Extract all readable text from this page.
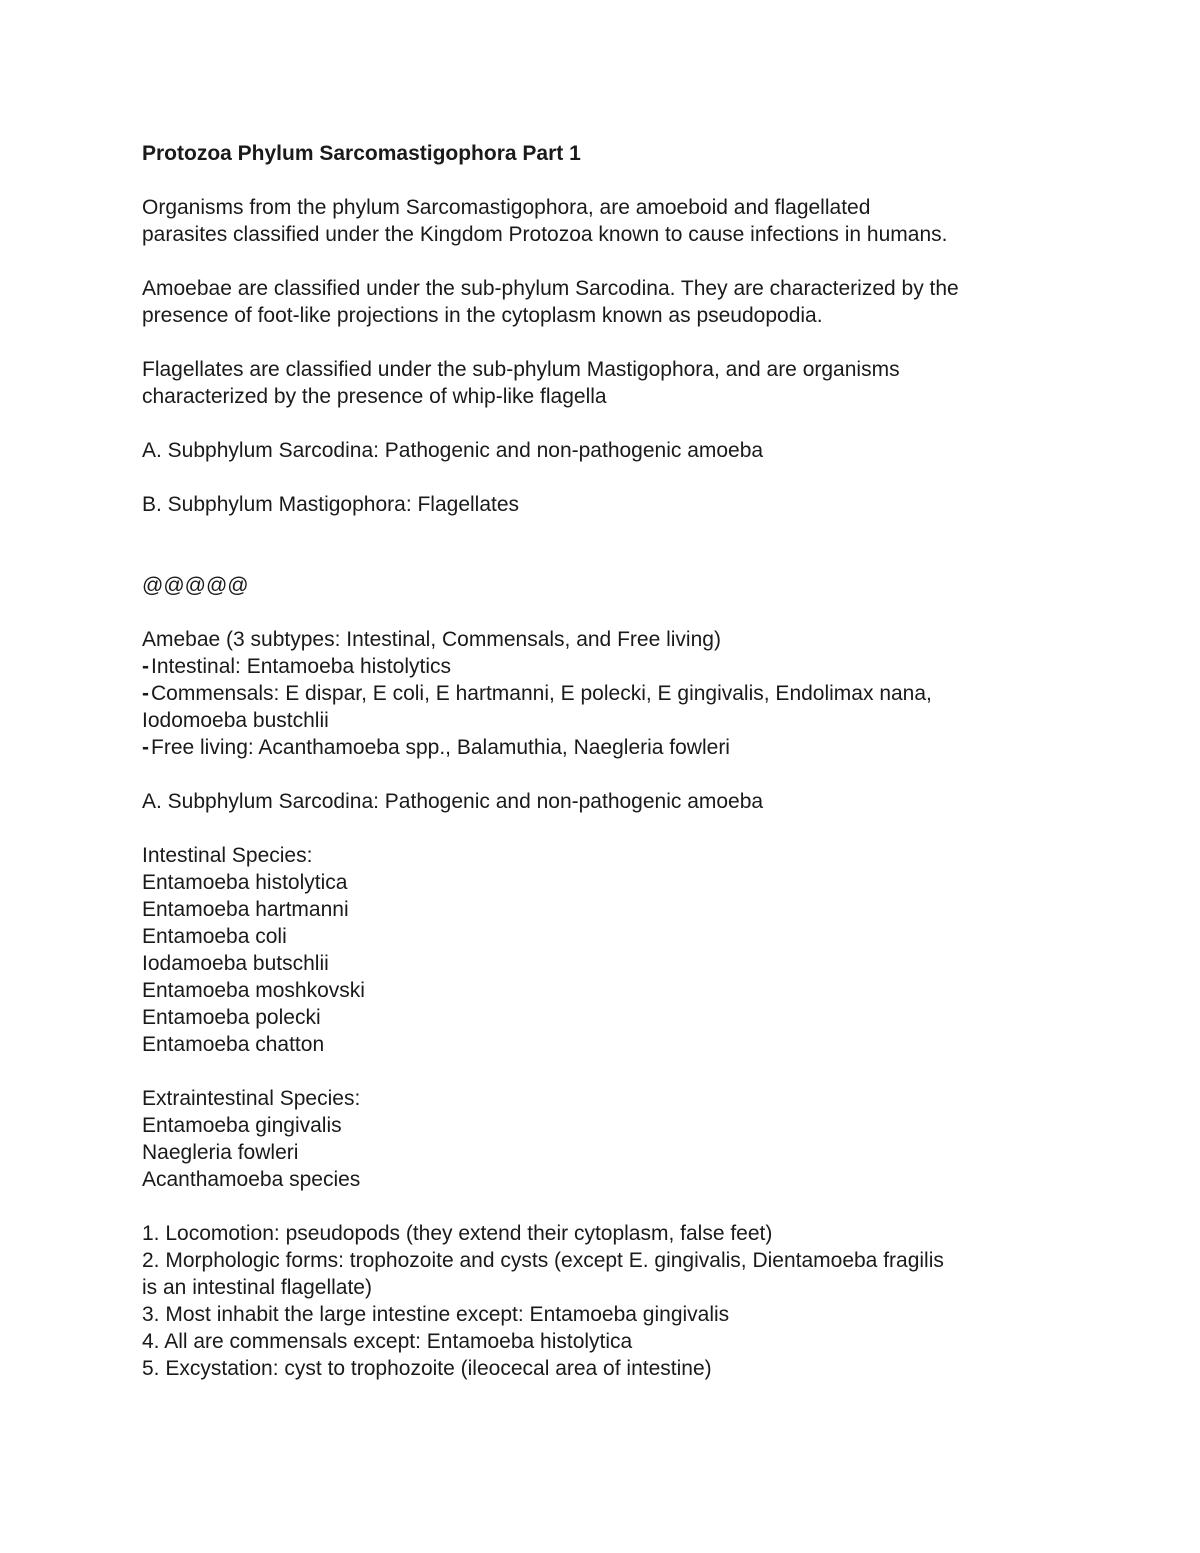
Protozoa Phylum Sarcomastigophora Part 1

Organisms from the phylum Sarcomastigophora, are amoeboid and flagellated

parasites classified under the Kingdom Protozoa known to cause infections in humans.

Amoebae are classified under the sub-phylum Sarcodina. They are characterized by the

presence of foot-like projections in the cytoplasm known as pseudopodia.

Flagellates are classified under the sub-phylum Mastigophora, and are organisms

characterized by the presence of whip-like flagella

A. Subphylum Sarcodina: Pathogenic and non-pathogenic amoeba

B. Subphylum Mastigophora: Flagellates

@@@@@

Amebae (3 subtypes: Intestinal, Commensals, and Free living)

-Intestinal: Entamoeba histolytics

-Commensals: E dispar, E coli, E hartmanni, E polecki, E gingivalis, Endolimax nana,

Iodomoeba bustchlii

-Free living: Acanthamoeba spp., Balamuthia, Naegleria fowleri

A. Subphylum Sarcodina: Pathogenic and non-pathogenic amoeba

Intestinal Species:

Entamoeba histolytica

Entamoeba hartmanni

Entamoeba coli

Iodamoeba butschlii

Entamoeba moshkovski

Entamoeba polecki

Entamoeba chatton

Extraintestinal Species:

Entamoeba gingivalis

Naegleria fowleri

Acanthamoeba species

1. Locomotion: pseudopods (they extend their cytoplasm, false feet)

2. Morphologic forms: trophozoite and cysts (except E. gingivalis, Dientamoeba fragilis

is an intestinal flagellate)

3. Most inhabit the large intestine except: Entamoeba gingivalis

4. All are commensals except: Entamoeba histolytica

5. Excystation: cyst to trophozoite (ileocecal area of intestine)
